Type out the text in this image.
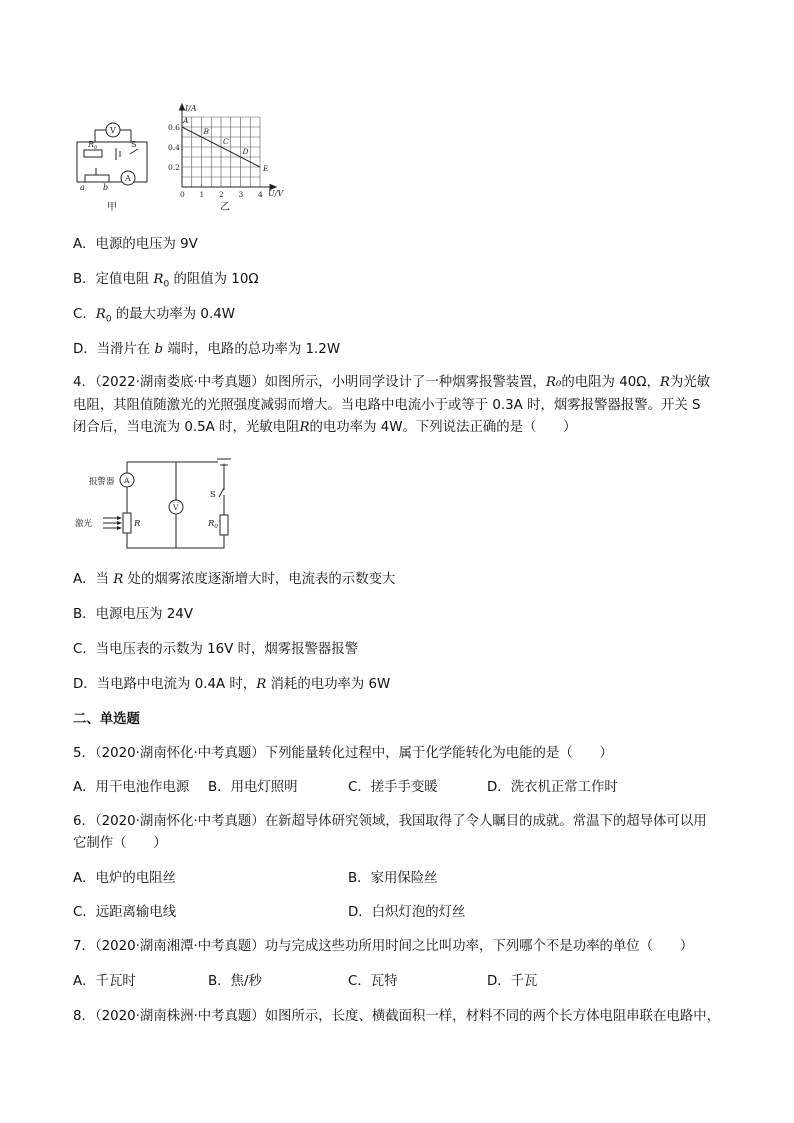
V
$R_0$	S
A
a b
甲
0.6
0.4
0.2
0 1 2 3 4
A
B
C
D
E
I/A
U/V
乙
A．电源的电压为 9V
B．定值电阻 $R_0$ 的阻值为 10Ω
C．$R_0$ 的最大功率为 0.4W
D．当滑片在 b 端时，电路的总功率为 1.2W
4．（2022·湖南娄底·中考真题）如图所示，小明同学设计了一种烟雾报警装置，R₀的电阻为 40Ω，R为光敏
电阻，其阻值随激光的光照强度减弱而增大。当电路中电流小于或等于 0.3A 时，烟雾报警器报警。开关 S
闭合后，当电流为 0.5A 时，光敏电阻R的电功率为 4W。下列说法正确的是（　　）
报警器 A
激光	R
V
S
$R_0$
A．当 R 处的烟雾浓度逐渐增大时，电流表的示数变大
B．电源电压为 24V
C．当电压表的示数为 16V 时，烟雾报警器报警
D．当电路中电流为 0.4A 时，R 消耗的电功率为 6W
二、单选题
5．（2020·湖南怀化·中考真题）下列能量转化过程中，属于化学能转化为电能的是（　　）
A．用干电池作电源 B．用电灯照明	C．搓手手变暖	D．洗衣机正常工作时
6．（2020·湖南怀化·中考真题）在新超导体研究领域，我国取得了令人瞩目的成就。常温下的超导体可以用
它制作（　　）
A．电炉的电阻丝	B．家用保险丝
C．远距离输电线	D．白炽灯泡的灯丝
7．（2020·湖南湘潭·中考真题）功与完成这些功所用时间之比叫功率，下列哪个不是功率的单位（　　）
A．千瓦时	B．焦/秒	C．瓦特	D．千瓦
8．（2020·湖南株洲·中考真题）如图所示，长度、横截面积一样，材料不同的两个长方体电阻串联在电路中，
